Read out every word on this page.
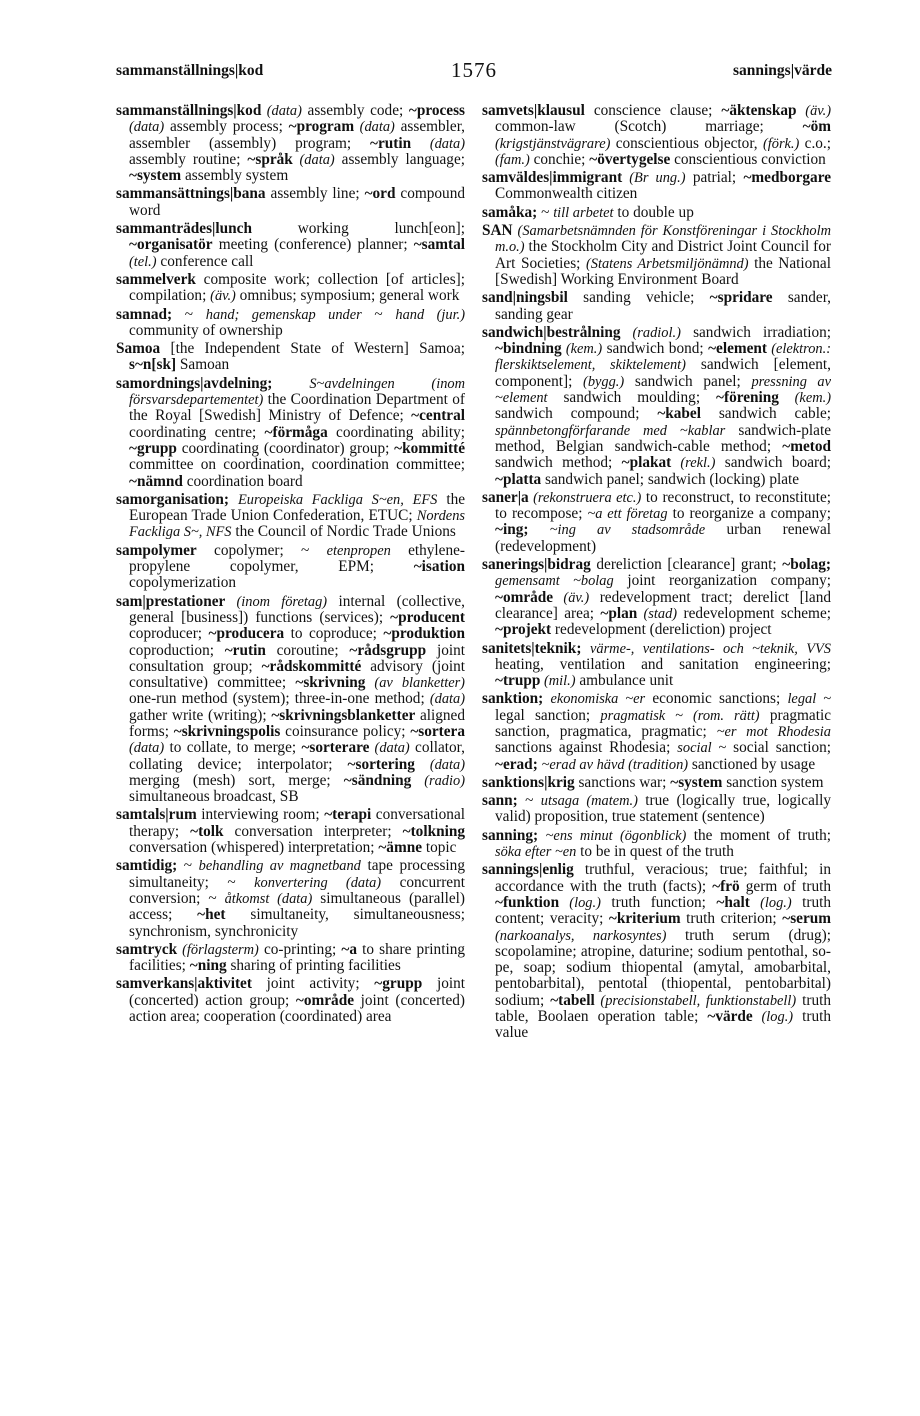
sammanställnings|kod	1576	sannings|värde

sammanställnings|kod (data) assembly code; ~process (data) assembly process; ~program (data) assembler, assembler (assembly) program; ~rutin (data) assembly routine; ~språk (data) assembly language; ~system assembly system

sammansättnings|bana assembly line; ~ord compound word

sammanträdes|lunch working lunch[eon]; ~organisatör meeting (conference) planner; ~samtal (tel.) conference call

sammelverk composite work; collection [of articles]; compilation; (äv.) omnibus; symposium; general work

samnad; ~ hand; gemenskap under ~ hand (jur.) community of ownership

Samoa [the Independent State of Western] Samoa; s~n[sk] Samoan

samordnings|avdelning;	S~avdelningen (inom försvarsdepartementet) the Coordination Department of the Royal [Swedish] Ministry of Defence; ~central coordinating centre; ~förmåga coordinating ability; ~grupp coordinating (coordinator) group; ~kommitté committee on coordination, coordination committee; ~nämnd coordination board

samorganisation; Europeiska Fackliga S~en, EFS the European Trade Union Confederation, ETUC; Nordens Fackliga S~, NFS the Council of Nordic Trade Unions

sampolymer copolymer; ~ etenpropen ethylene-propylene copolymer, EPM; ~isation copolymerization

sam|prestationer (inom företag) internal (collective, general [business]) functions (services); ~producent coproducer; ~producera to coproduce; ~produktion coproduction; ~rutin coroutine; ~rådsgrupp joint consultation group; ~rådskommitté advisory (joint consultative) committee; ~skrivning (av blanketter) one-run method (system); three-in-one method; (data) gather write (writing); ~skrivningsblanketter aligned forms; ~skrivningspolis coinsurance policy; ~sortera (data) to collate, to merge; ~sorterare (data) collator, collating device; interpolator; ~sortering (data) merging (mesh) sort, merge; ~sändning (radio) simultaneous broadcast, SB

samtals|rum interviewing room; ~terapi conversational therapy; ~tolk conversation interpreter; ~tolkning conversation (whispered) interpretation; ~ämne topic

samtidig; ~ behandling av magnetband tape processing simultaneity; ~ konvertering (data) concurrent conversion; ~ åtkomst (data) simultaneous (parallel) access; ~het simultaneity, simultaneousness; synchronism, synchronicity

samtryck (förlagsterm) co-printing; ~a to share printing facilities; ~ning sharing of printing facilities

samverkans|aktivitet joint activity; ~grupp joint (concerted) action group; ~område joint (concerted) action area; cooperation (coordinated) area

samvets|klausul conscience clause; ~äktenskap (äv.) common-law (Scotch) marriage; ~öm (krigstjänstvägrare) conscientious objector, (förk.) c.o.; (fam.) conchie; ~övertygelse conscientious conviction

samväldes|immigrant (Br ung.) patrial; ~medborgare Commonwealth citizen

samåka; ~ till arbetet to double up

SAN (Samarbetsnämnden för Konstföreningar i Stockholm m.o.) the Stockholm City and District Joint Council for Art Societies; (Statens Arbetsmiljönämnd) the National [Swedish] Working Environment Board

sand|ningsbil sanding vehicle; ~spridare sander, sanding gear

sandwich|bestrålning (radiol.) sandwich irradiation; ~bindning (kem.) sandwich bond; ~element (elektron.: flerskiktselement, skiktelement) sandwich [element, component]; (bygg.) sandwich panel; pressning av ~element sandwich moulding; ~förening (kem.) sandwich compound; ~kabel sandwich cable; spännbetongförfarande med ~kablar sandwich-plate method, Belgian sandwich-cable method; ~metod sandwich method; ~plakat (rekl.) sandwich board; ~platta sandwich panel; sandwich (locking) plate

saner|a (rekonstruera etc.) to reconstruct, to reconstitute; to recompose; ~a ett företag to reorganize a company; ~ing; ~ing av stadsområde urban renewal (redevelopment)

sanerings|bidrag dereliction [clearance] grant; ~bolag; gemensamt ~bolag joint reorganization company; ~område (äv.) redevelopment tract; derelict [land clearance] area; ~plan (stad) redevelopment scheme; ~projekt redevelopment (dereliction) project

sanitets|teknik; värme-, ventilations- och ~teknik, VVS heating, ventilation and sanitation engineering; ~trupp (mil.) ambulance unit

sanktion; ekonomiska ~er economic sanctions; legal ~ legal sanction; pragmatisk ~ (rom. rätt) pragmatic sanction, pragmatica, pragmatic; ~er mot Rhodesia sanctions against Rhodesia; social ~ social sanction; ~erad; ~erad av hävd (tradition) sanctioned by usage

sanktions|krig sanctions war; ~system sanction system

sann; ~ utsaga (matem.) true (logically true, logically valid) proposition, true statement (sentence)

sanning; ~ens minut (ögonblick) the moment of truth; söka efter ~en to be in quest of the truth

sannings|enlig truthful, veracious; true; faithful; in accordance with the truth (facts); ~frö germ of truth ~funktion (log.) truth function; ~halt (log.) truth content; veracity; ~kriterium truth criterion; ~serum (narkoanalys, narkosyntes) truth serum (drug); scopolamine; atropine, daturine; sodium pentothal, so-pe, soap; sodium thiopental (amytal, amobarbital, pentobarbital), pentotal (thiopental, pentobarbital) sodium; ~tabell (precisionstabell, funktionstabell) truth table, Boolaen operation table; ~värde (log.) truth value
